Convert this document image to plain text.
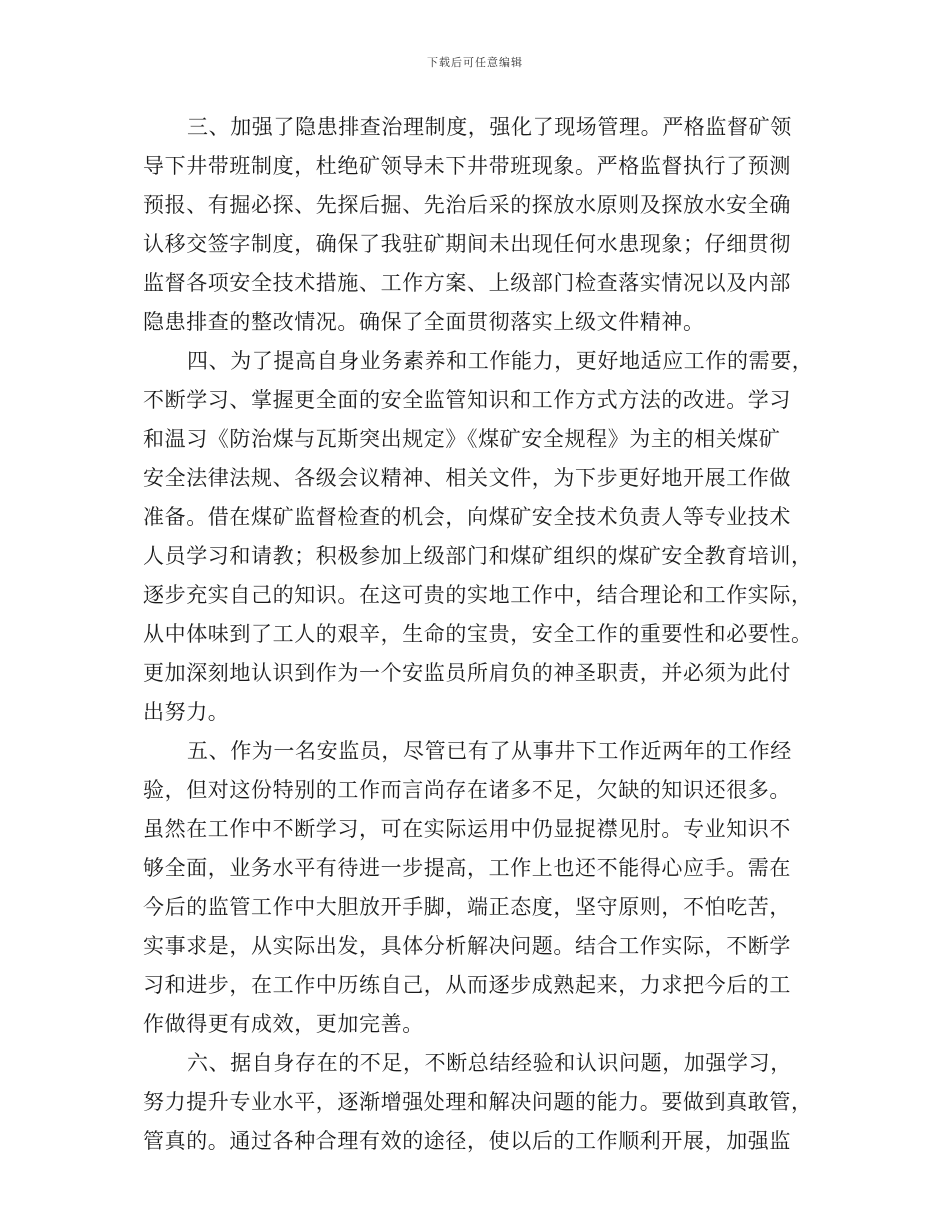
下载后可任意编辑
三、加强了隐患排查治理制度，强化了现场管理。严格监督矿领
导下井带班制度，杜绝矿领导未下井带班现象。严格监督执行了预测
预报、有掘必探、先探后掘、先治后采的探放水原则及探放水安全确
认移交签字制度，确保了我驻矿期间未出现任何水患现象；仔细贯彻
监督各项安全技术措施、工作方案、上级部门检查落实情况以及内部
隐患排查的整改情况。确保了全面贯彻落实上级文件精神。
四、为了提高自身业务素养和工作能力，更好地适应工作的需要，
不断学习、掌握更全面的安全监管知识和工作方式方法的改进。学习
和温习《防治煤与瓦斯突出规定》《煤矿安全规程》为主的相关煤矿
安全法律法规、各级会议精神、相关文件，为下步更好地开展工作做
准备。借在煤矿监督检查的机会，向煤矿安全技术负责人等专业技术
人员学习和请教；积极参加上级部门和煤矿组织的煤矿安全教育培训，
逐步充实自己的知识。在这可贵的实地工作中，结合理论和工作实际，
从中体味到了工人的艰辛，生命的宝贵，安全工作的重要性和必要性。
更加深刻地认识到作为一个安监员所肩负的神圣职责，并必须为此付
出努力。
五、作为一名安监员，尽管已有了从事井下工作近两年的工作经
验，但对这份特别的工作而言尚存在诸多不足，欠缺的知识还很多。
虽然在工作中不断学习，可在实际运用中仍显捉襟见肘。专业知识不
够全面，业务水平有待进一步提高，工作上也还不能得心应手。需在
今后的监管工作中大胆放开手脚，端正态度，坚守原则，不怕吃苦，
实事求是，从实际出发，具体分析解决问题。结合工作实际，不断学
习和进步，在工作中历练自己，从而逐步成熟起来，力求把今后的工
作做得更有成效，更加完善。
六、据自身存在的不足，不断总结经验和认识问题，加强学习，
努力提升专业水平，逐渐增强处理和解决问题的能力。要做到真敢管，
管真的。通过各种合理有效的途径，使以后的工作顺利开展，加强监
